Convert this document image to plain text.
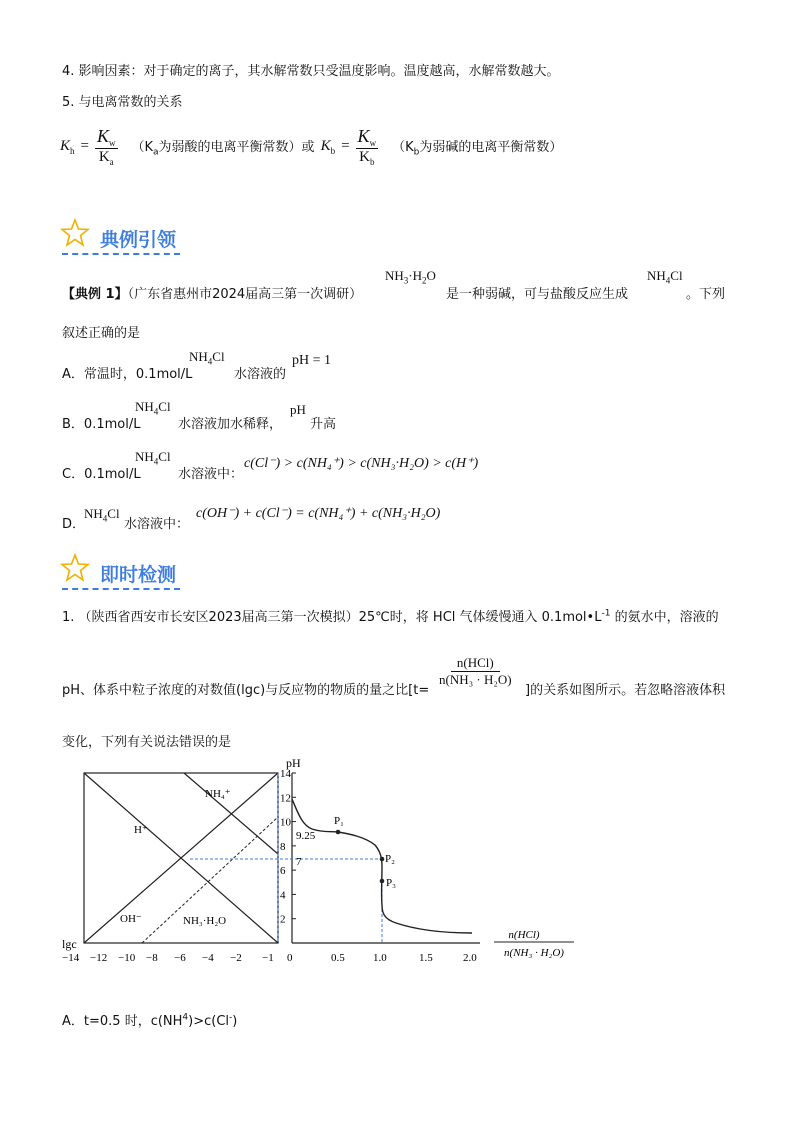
4. 影响因素：对于确定的离子，其水解常数只受温度影响。温度越高，水解常数越大。
5. 与电离常数的关系
$K_h = \frac{K_w}{K_a} (K_a$为弱酸的电离平衡常数）或 $K_b = \frac{K_w}{K_b} (K_b$为弱碱的电离平衡常数）
典例引领
【典例 1】（广东省惠州市2024届高三第一次调研）
$NH_3\cdot H_2O$
是一种弱碱，可与盐酸反应生成
$NH_4Cl$
。下列
叙述正确的是
A．常温时，0.1mol/L
$NH_4Cl$
水溶液的
pH = 1
B．0.1mol/L
$NH_4Cl$
水溶液加水稀释，
pH
升高
C．0.1mol/L
$NH_4Cl$
水溶液中：
c(Cl⁻) > c(NH₄⁺) > c(NH₃·H₂O) > c(H⁺)
D．
$NH_4Cl$
水溶液中：
c(OH⁻) + c(Cl⁻) = c(NH₄⁺) + c(NH₃·H₂O)
即时检测
1. （陕西省西安市长安区2023届高三第一次模拟）25℃时，将 HCl 气体缓慢通入 $0.1mol•L^{-1}$ 的氨水中，溶液的
pH、体系中粒子浓度的对数值(lgc)与反应物的物质的量之比[t=
$\frac{\text{n(HCl)}}{\text{n(NH₃ · H₂O)}}$
]的关系如图所示。若忽略溶液体积
变化，下列有关说法错误的是
14
12
10
8
6
4
2
lgc
pH
H⁺
NH₄⁺
OH⁻	NH₃·H₂O
9.25
7
P₁
P₂
P₃
−14 −12 −10 −8 −6 −4 −2 −1 0	0.5	1.0	1.5	2.0
n(HCl)
n(NH₃ · H₂O)
A．t=0.5 时，$c(NH^4)>c(Cl^-)$
